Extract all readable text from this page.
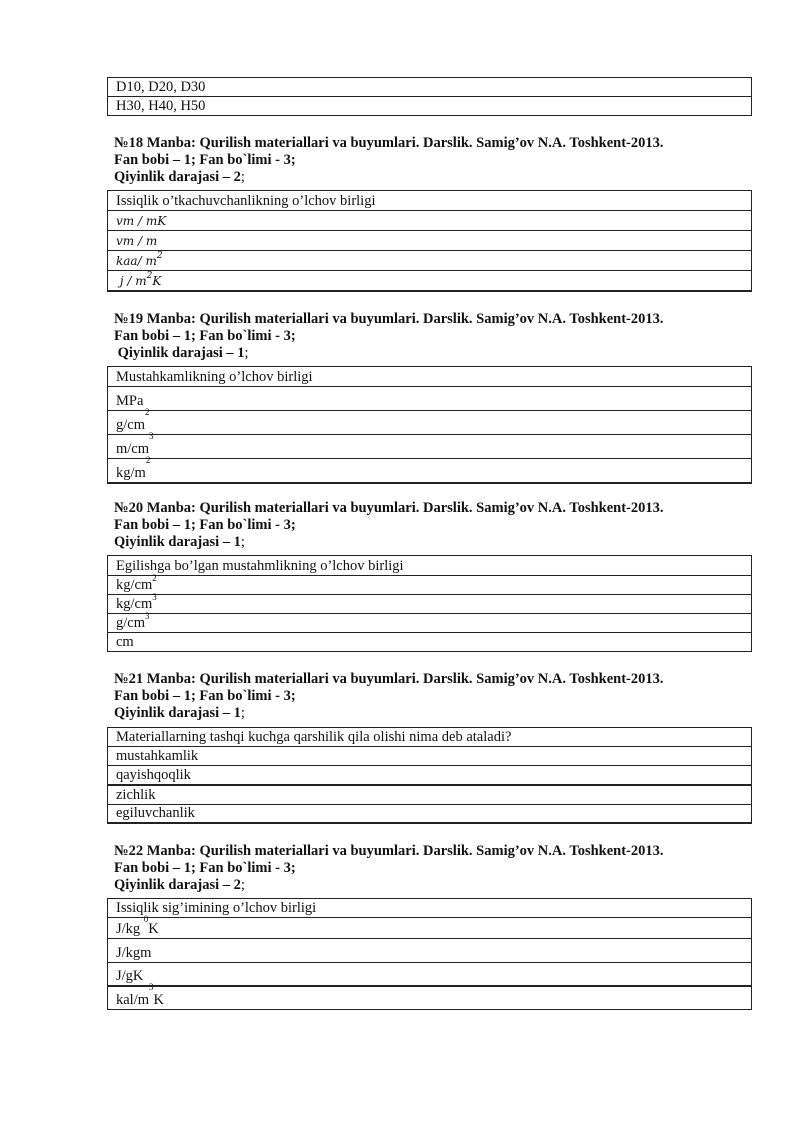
D10, D20, D30
H30, H40, H50
№18 Manba: Qurilish materiallari va buyumlari. Darslik. Samig’ov N.A. Toshkent-2013.
Fan bobi – 1; Fan bo`limi - 3;
Qiyinlik darajasi – 2;
Issiqlik o’tkachuvchanlikning o’lchov birligi
vm / mK
vm / m
kaa/ $m^2$
j / $m^2K$
№19 Manba: Qurilish materiallari va buyumlari. Darslik. Samig’ov N.A. Toshkent-2013.
Fan bobi – 1; Fan bo`limi - 3;
Qiyinlik darajasi – 1;
Mustahkamlikning o’lchov birligi
MPa
$g/cm^2$
$m/cm^3$
$kg/m^2$
№20 Manba: Qurilish materiallari va buyumlari. Darslik. Samig’ov N.A. Toshkent-2013.
Fan bobi – 1; Fan bo`limi - 3;
Qiyinlik darajasi – 1;
Egilishga bo’lgan mustahmlikning o’lchov birligi
$kg/cm^2$
$kg/cm^3$
$g/cm^3$
cm
№21 Manba: Qurilish materiallari va buyumlari. Darslik. Samig’ov N.A. Toshkent-2013.
Fan bobi – 1; Fan bo`limi - 3;
Qiyinlik darajasi – 1;
Materiallarning tashqi kuchga qarshilik qila olishi nima deb ataladi?
mustahkamlik
qayishqoqlik
zichlik
egiluvchanlik
№22 Manba: Qurilish materiallari va buyumlari. Darslik. Samig’ov N.A. Toshkent-2013.
Fan bobi – 1; Fan bo`limi - 3;
Qiyinlik darajasi – 2;
Issiqlik sig’imining o’lchov birligi
J/kg $^0$K
J/kgm
J/gK
kal/$m^3K$
